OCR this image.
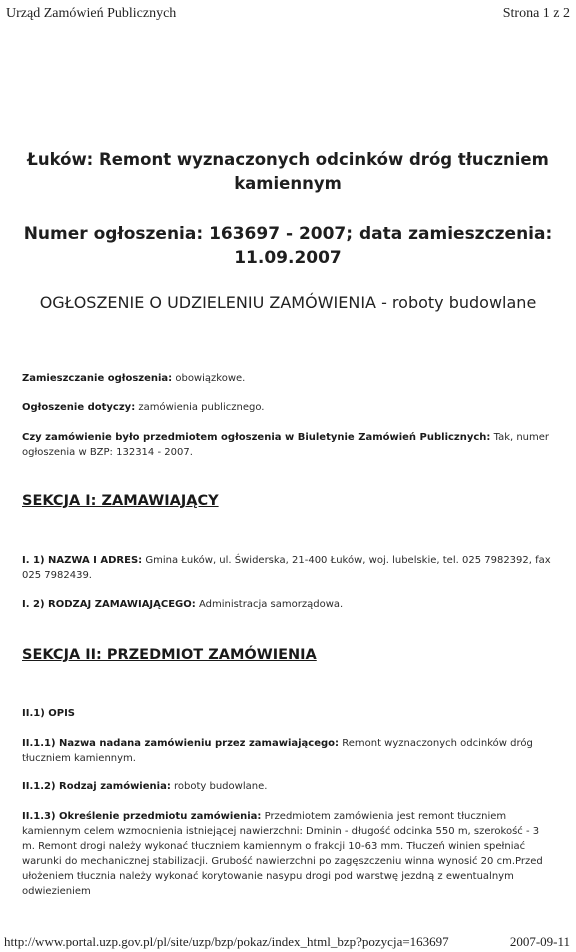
Urząd Zamówień Publicznych	Strona 1 z 2
Łuków: Remont wyznaczonych odcinków dróg tłuczniem
kamiennym
Numer ogłoszenia: 163697 - 2007; data zamieszczenia:
11.09.2007
OGŁOSZENIE O UDZIELENIU ZAMÓWIENIA - roboty budowlane
Zamieszczanie ogłoszenia: obowiązkowe.
Ogłoszenie dotyczy: zamówienia publicznego.
Czy zamówienie było przedmiotem ogłoszenia w Biuletynie Zamówień Publicznych: Tak, numer ogłoszenia w BZP: 132314 - 2007.
SEKCJA I: ZAMAWIAJĄCY
I. 1) NAZWA I ADRES: Gmina Łuków, ul. Świderska, 21-400 Łuków, woj. lubelskie, tel. 025 7982392, fax 025 7982439.
I. 2) RODZAJ ZAMAWIAJĄCEGO: Administracja samorządowa.
SEKCJA II: PRZEDMIOT ZAMÓWIENIA
II.1) OPIS
II.1.1) Nazwa nadana zamówieniu przez zamawiającego: Remont wyznaczonych odcinków dróg tłuczniem kamiennym.
II.1.2) Rodzaj zamówienia: roboty budowlane.
II.1.3) Określenie przedmiotu zamówienia: Przedmiotem zamówienia jest remont tłuczniem kamiennym celem wzmocnienia istniejącej nawierzchni: Dminin - długość odcinka 550 m, szerokość - 3 m. Remont drogi należy wykonać tłuczniem kamiennym o frakcji 10-63 mm. Tłuczeń winien spełniać warunki do mechanicznej stabilizacji. Grubość nawierzchni po zagęszczeniu winna wynosić 20 cm.Przed ułożeniem tłucznia należy wykonać korytowanie nasypu drogi pod warstwę jezdną z ewentualnym odwiezieniem
http://www.portal.uzp.gov.pl/pl/site/uzp/bzp/pokaz/index_html_bzp?pozycja=163697	2007-09-11
